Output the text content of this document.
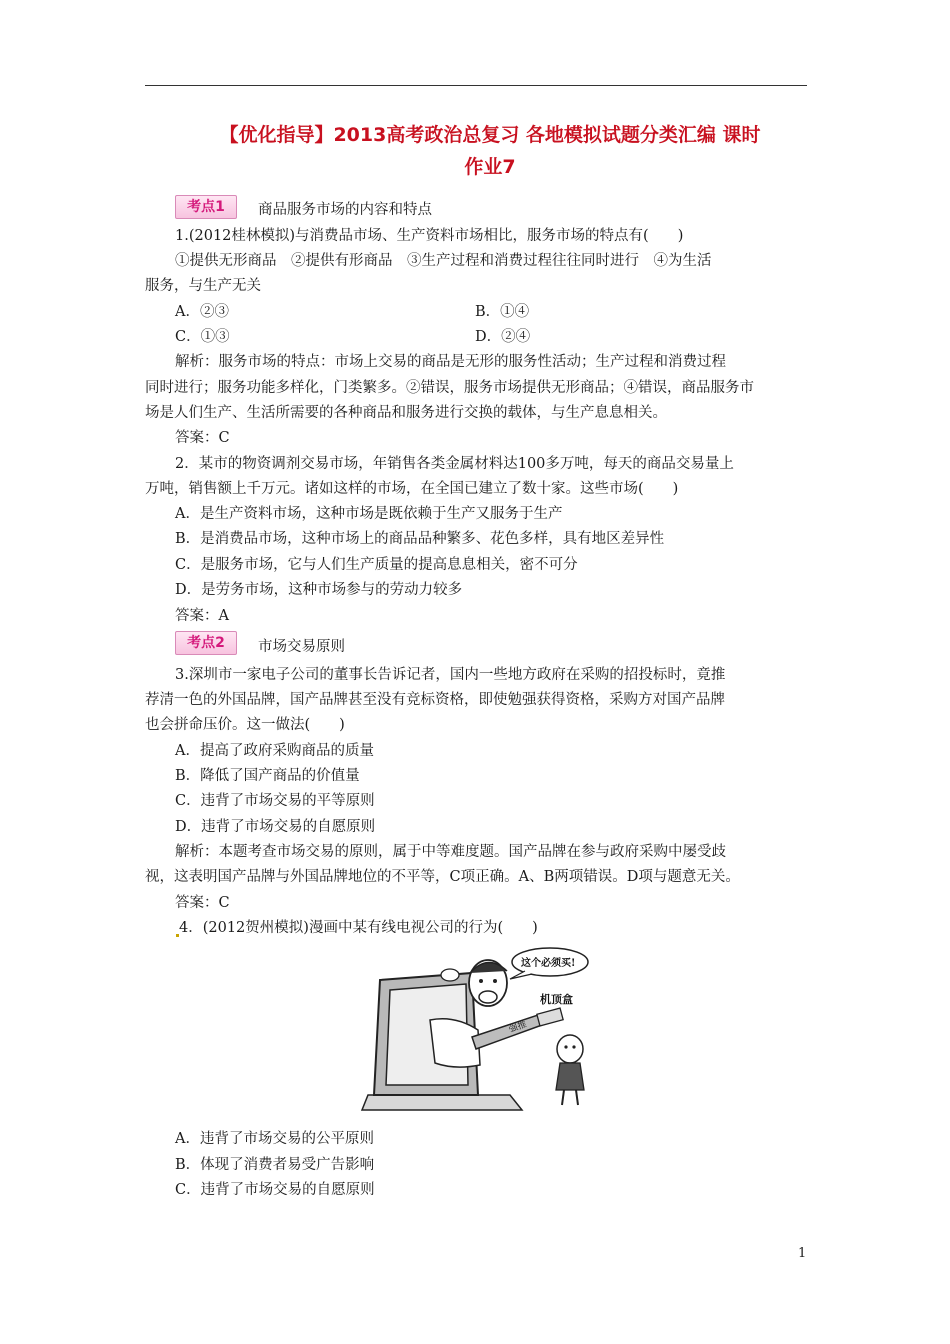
【优化指导】2013高考政治总复习 各地模拟试题分类汇编 课时
作业7
考点1	商品服务市场的内容和特点
1.(2012桂林模拟)与消费品市场、生产资料市场相比，服务市场的特点有(　　)
①提供无形商品　②提供有形商品　③生产过程和消费过程往往同时进行　④为生活
服务，与生产无关
A．②③	B．①④
C．①③	D．②④
解析：服务市场的特点：市场上交易的商品是无形的服务性活动；生产过程和消费过程
同时进行；服务功能多样化，门类繁多。②错误，服务市场提供无形商品；④错误，商品服务市
场是人们生产、生活所需要的各种商品和服务进行交换的载体，与生产息息相关。
答案：C
2．某市的物资调剂交易市场，年销售各类金属材料达100多万吨，每天的商品交易量上
万吨，销售额上千万元。诸如这样的市场，在全国已建立了数十家。这些市场(　　)
A．是生产资料市场，这种市场是既依赖于生产又服务于生产
B．是消费品市场，这种市场上的商品品种繁多、花色多样，具有地区差异性
C．是服务市场，它与人们生产质量的提高息息相关，密不可分
D．是劳务市场，这种市场参与的劳动力较多
答案：A
考点2	市场交易原则
3.深圳市一家电子公司的董事长告诉记者，国内一些地方政府在采购的招投标时，竟推
荐清一色的外国品牌，国产品牌甚至没有竞标资格，即使勉强获得资格，采购方对国产品牌
也会拼命压价。这一做法(　　)
A．提高了政府采购商品的质量
B．降低了国产商品的价值量
C．违背了市场交易的平等原则
D．违背了市场交易的自愿原则
解析：本题考查市场交易的原则，属于中等难度题。国产品牌在参与政府采购中屡受歧
视，这表明国产品牌与外国品牌地位的不平等，C项正确。A、B两项错误。D项与题意无关。
答案：C
4．(2012贺州模拟)漫画中某有线电视公司的行为(　　)
强推
机顶盒
这个必须买!
A．违背了市场交易的公平原则
B．体现了消费者易受广告影响
C．违背了市场交易的自愿原则
1
